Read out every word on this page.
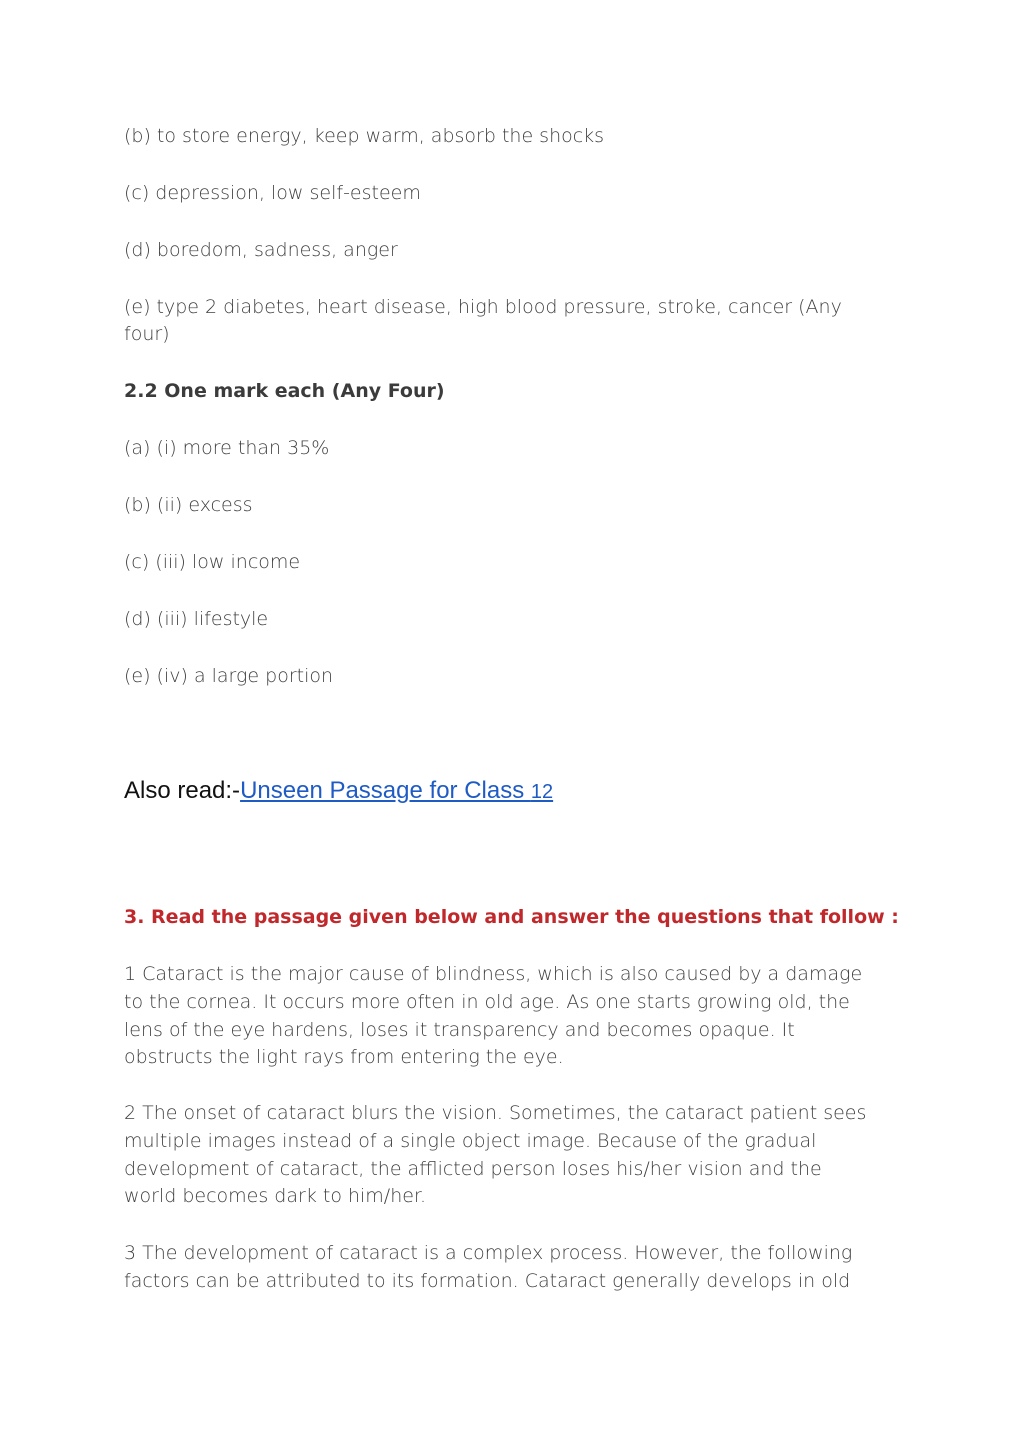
(b) to store energy, keep warm, absorb the shocks
(c) depression, low self-esteem
(d) boredom, sadness, anger
(e) type 2 diabetes, heart disease, high blood pressure, stroke, cancer (Any
four)
2.2 One mark each (Any Four)
(a) (i) more than 35%
(b) (ii) excess
(c) (iii) low income
(d) (iii) lifestyle
(e) (iv) a large portion
Also read:-Unseen Passage for Class 12
3. Read the passage given below and answer the questions that follow :
1 Cataract is the major cause of blindness, which is also caused by a damage
to the cornea. It occurs more often in old age. As one starts growing old, the
lens of the eye hardens, loses it transparency and becomes opaque. It
obstructs the light rays from entering the eye.
2 The onset of cataract blurs the vision. Sometimes, the cataract patient sees
multiple images instead of a single object image. Because of the gradual
development of cataract, the afflicted person loses his/her vision and the
world becomes dark to him/her.
3 The development of cataract is a complex process. However, the following
factors can be attributed to its formation. Cataract generally develops in old
